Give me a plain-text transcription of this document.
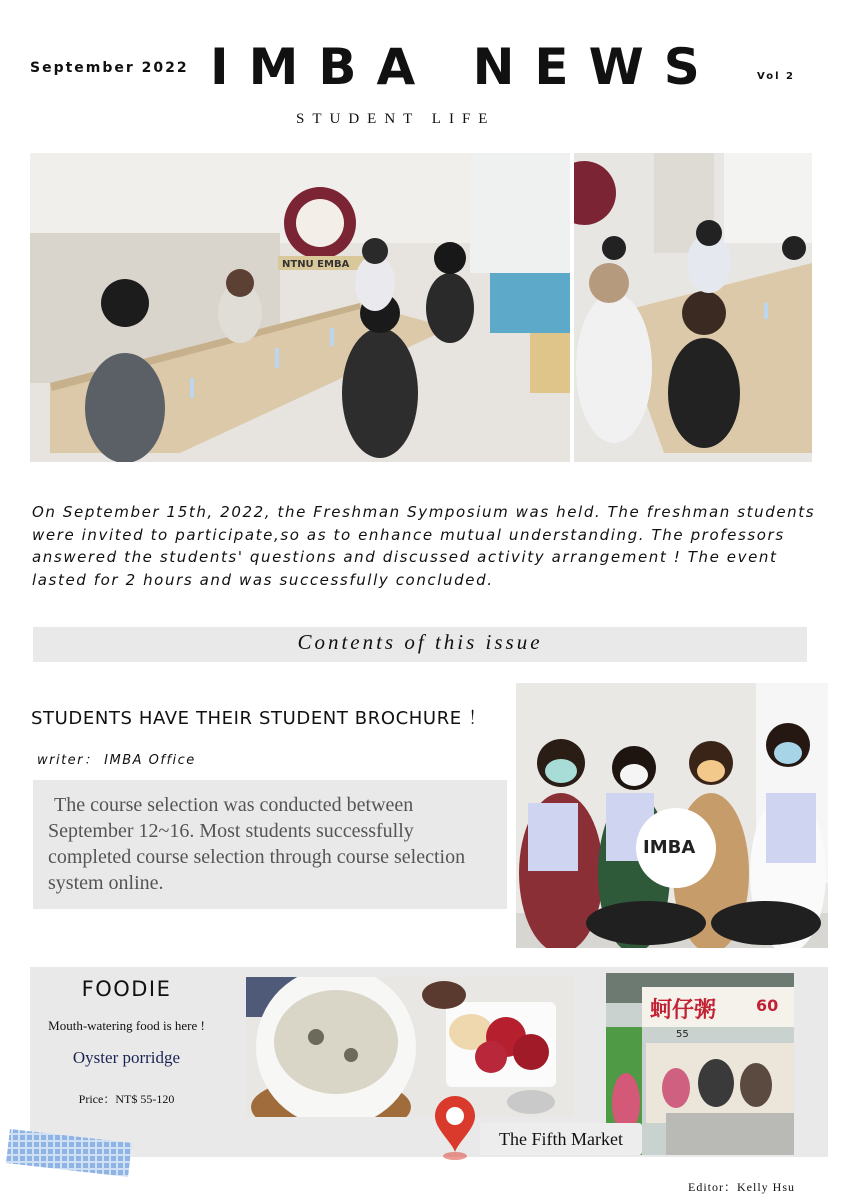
September 2022 IMBA NEWS	Vol 2
STUDENT LIFE
NTNU EMBA
On September 15th, 2022, the Freshman Symposium was held. The freshman students were invited to participate,so as to enhance mutual understanding. The professors answered the students' questions and discussed activity arrangement ! The event lasted for 2 hours and was successfully concluded.
Contents of this issue
STUDENTS HAVE THEIR STUDENT BROCHURE ！
writer： IMBA Office

The course selection was conducted between September 12~16. Most students successfully completed course selection through course selection system online.

IMBA
FOODIE
Mouth-watering food is here !
Oyster porridge
Price：NT$ 55-120
蚵仔粥 60
55
The Fifth Market
Editor：Kelly Hsu
